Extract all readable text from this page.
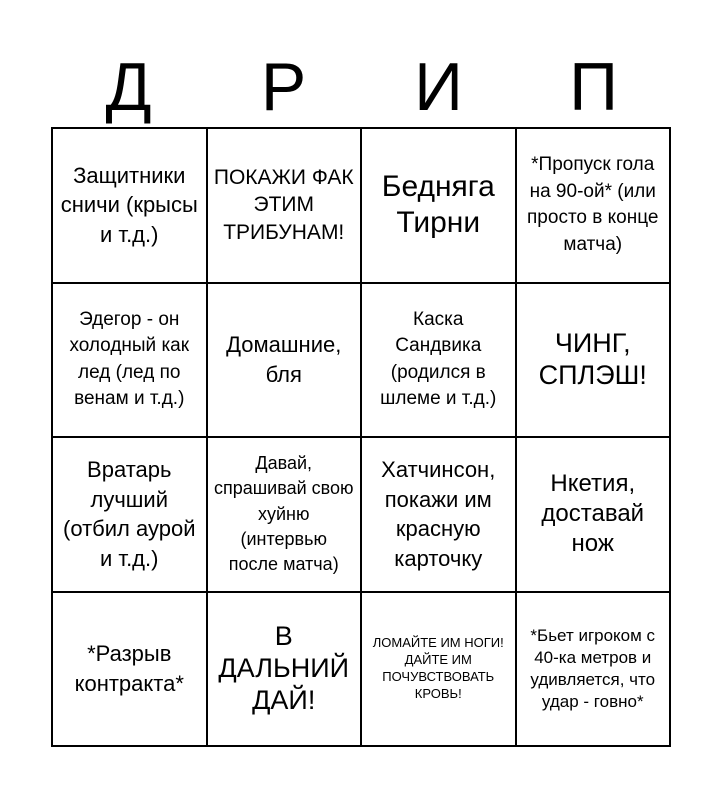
Д	Р	И	П
Защитники сничи (крысы и т.д.)
ПОКАЖИ ФАК ЭТИМ ТРИБУНАМ!
Бедняга Тирни
*Пропуск гола на 90-ой* (или просто в конце матча)
Эдегор - он холодный как лед (лед по венам и т.д.)
Домашние, бля
Каска Сандвика (родился в шлеме и т.д.)
ЧИНГ, СПЛЭШ!
Вратарь лучший (отбил аурой и т.д.)
Давай, спрашивай свою хуйню (интервью после матча)
Хатчинсон, покажи им красную карточку
Нкетия, доставай нож
*Разрыв контракта*
В ДАЛЬНИЙ ДАЙ!
ЛОМАЙТЕ ИМ НОГИ! ДАЙТЕ ИМ ПОЧУВСТВОВАТЬ КРОВЬ!
*Бьет игроком с 40-ка метров и удивляется, что удар - говно*
